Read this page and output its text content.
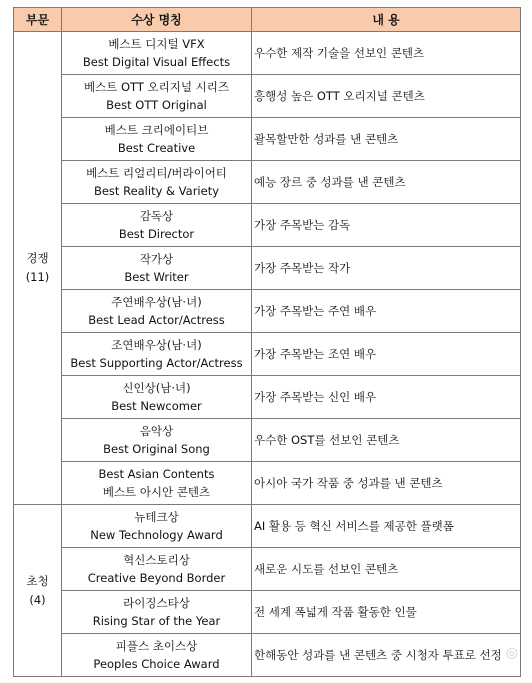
부문	수상 명칭	내 용

경쟁
(11)	베스트 디지털 VFX
Best Digital Visual Effects	우수한 제작 기술을 선보인 콘텐츠

	베스트 OTT 오리지널 시리즈
Best OTT Original	흥행성 높은 OTT 오리지널 콘텐츠

	베스트 크리에이티브
Best Creative	괄목할만한 성과를 낸 콘텐츠

	베스트 리얼리티/버라이어티
Best Reality & Variety	예능 장르 중 성과를 낸 콘텐츠

	감독상
Best Director	가장 주목받는 감독

	작가상
Best Writer	가장 주목받는 작가

	주연배우상(남·녀)
Best Lead Actor/Actress	가장 주목받는 주연 배우

	조연배우상(남·녀)
Best Supporting Actor/Actress	가장 주목받는 조연 배우

	신인상(남·녀)
Best Newcomer	가장 주목받는 신인 배우

	음악상
Best Original Song	우수한 OST를 선보인 콘텐츠

	Best Asian Contents
베스트 아시안 콘텐츠	아시아 국가 작품 중 성과를 낸 콘텐츠

초청
(4)	뉴테크상
New Technology Award	AI 활용 등 혁신 서비스를 제공한 플랫폼

	혁신스토리상
Creative Beyond Border	새로운 시도를 선보인 콘텐츠

	라이징스타상
Rising Star of the Year	전 세계 폭넓게 작품 활동한 인물

	피플스 초이스상
Peoples Choice Award	한해동안 성과를 낸 콘텐츠 중 시청자 투표로 선정 ◎
